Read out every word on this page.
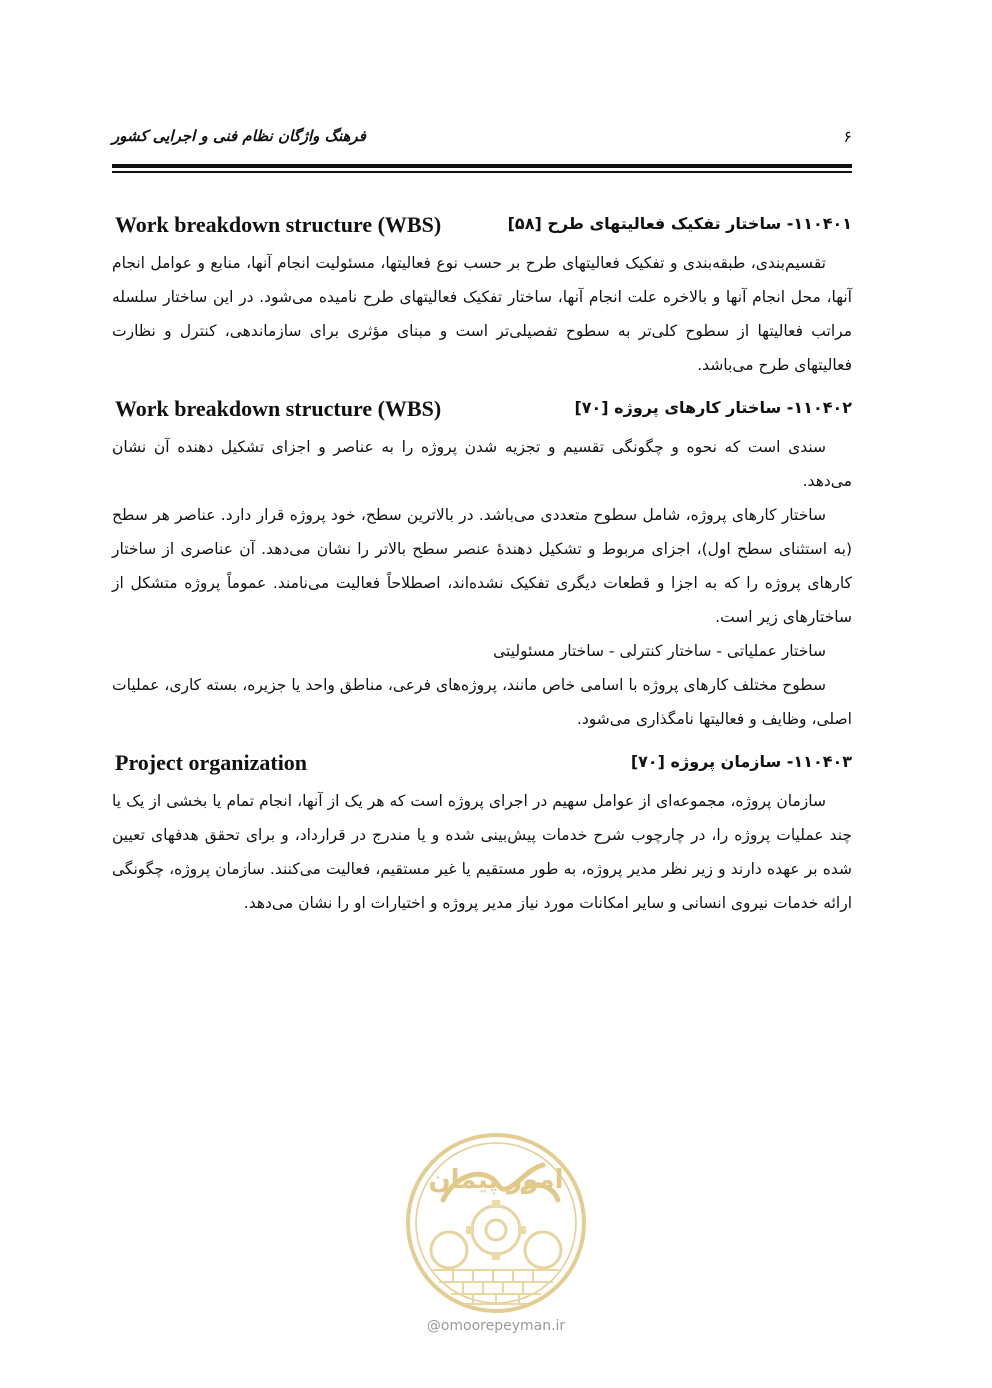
فرهنگ واژگان نظام فنی و اجرایی کشور	۶
۱۱۰۴۰۱- ساختار تفکیک فعالیتهای طرح [۵۸]
Work breakdown structure (WBS)

تقسیم‌بندی، طبقه‌بندی و تفکیک فعالیتهای طرح بر حسب نوع فعالیتها، مسئولیت انجام آنها، منابع و عوامل انجام آنها، محل انجام آنها و بالاخره علت انجام آنها، ساختار تفکیک فعالیتهای طرح نامیده می‌شود. در این ساختار سلسله مراتب فعالیتها از سطوح کلی‌تر به سطوح تفصیلی‌تر است و مبنای مؤثری برای سازماندهی، کنترل و نظارت فعالیتهای طرح می‌باشد.

۱۱۰۴۰۲- ساختار کارهای پروژه [۷۰]
Work breakdown structure (WBS)

سندی است که نحوه و چگونگی تقسیم و تجزیه شدن پروژه را به عناصر و اجزای تشکیل دهنده آن نشان می‌دهد.

ساختار کارهای پروژه، شامل سطوح متعددی می‌باشد. در بالاترین سطح، خود پروژه قرار دارد. عناصر هر سطح (به استثنای سطح اول)، اجزای مربوط و تشکیل دهندهٔ عنصر سطح بالاتر را نشان می‌دهد. آن عناصری از ساختار کارهای پروژه را که به اجزا و قطعات دیگری تفکیک نشده‌اند، اصطلاحاً فعالیت می‌نامند. عموماً پروژه متشکل از ساختارهای زیر است.

ساختار عملیاتی - ساختار کنترلی - ساختار مسئولیتی

سطوح مختلف کارهای پروژه با اسامی خاص مانند، پروژه‌های فرعی، مناطق واحد یا جزیره، بسته کاری، عملیات اصلی، وظایف و فعالیتها نامگذاری می‌شود.

۱۱۰۴۰۳- سازمان پروژه [۷۰]
Project organization

سازمان پروژه، مجموعه‌ای از عوامل سهیم در اجرای پروژه است که هر یک از آنها، انجام تمام یا بخشی از یک یا چند عملیات پروژه را، در چارچوب شرح خدمات پیش‌بینی شده و یا مندرج در قرارداد، و برای تحقق هدفهای تعیین شده بر عهده دارند و زیر نظر مدیر پروژه، به طور مستقیم یا غیر مستقیم، فعالیت می‌کنند. سازمان پروژه، چگونگی ارائه خدمات نیروی انسانی و سایر امکانات مورد نیاز مدیر پروژه و اختیارات او را نشان می‌دهد.

امور پیمان
@omoorepeyman.ir
